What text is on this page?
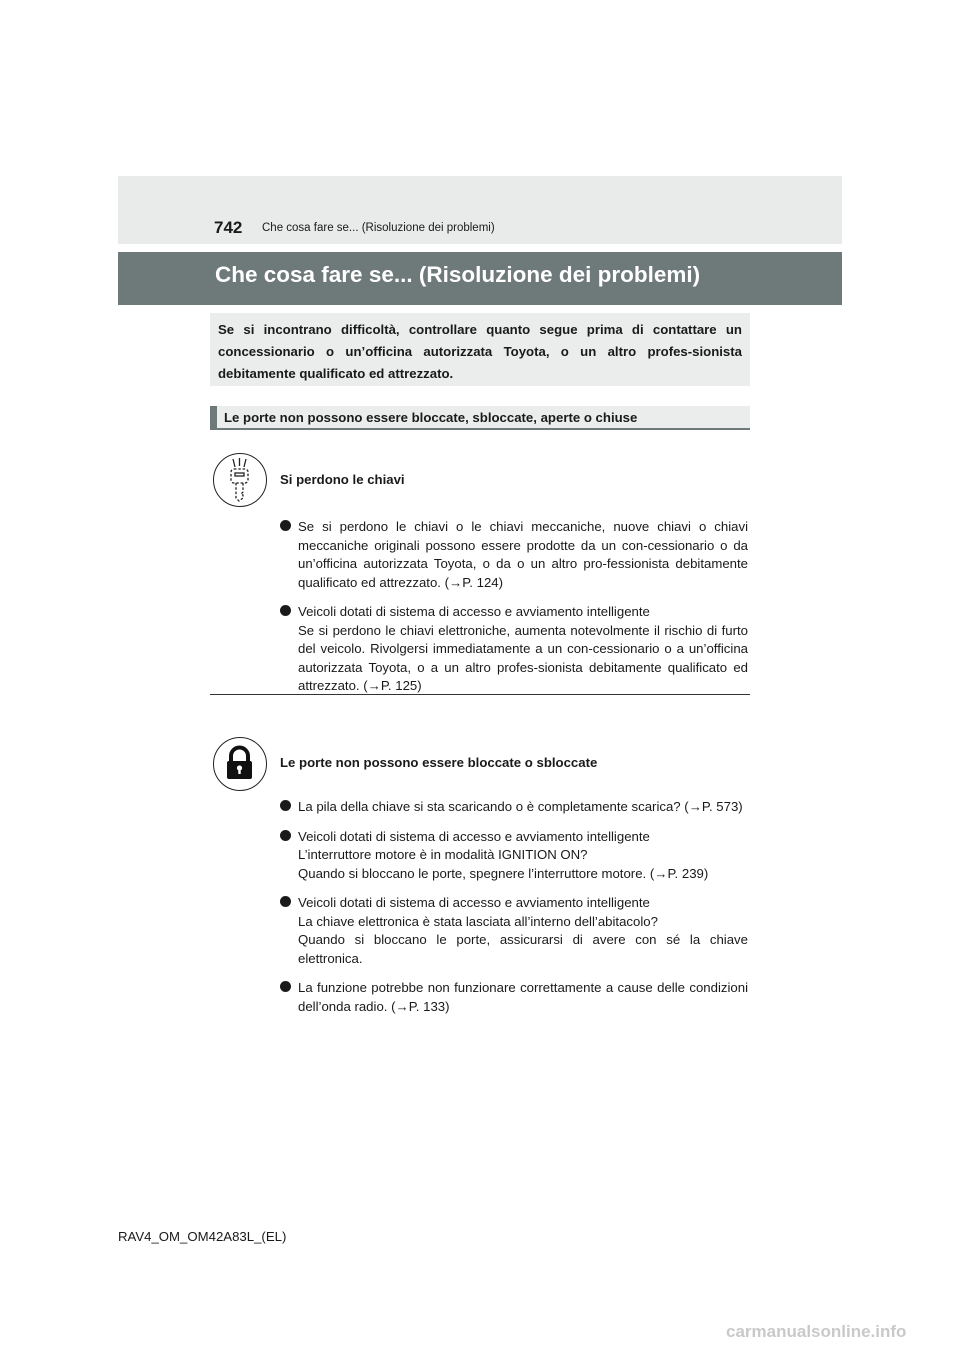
742 Che cosa fare se... (Risoluzione dei problemi)
Che cosa fare se... (Risoluzione dei problemi)
Se si incontrano difficoltà, controllare quanto segue prima di contattare un concessionario o un’officina autorizzata Toyota, o un altro profes-sionista debitamente qualificato ed attrezzato.
Le porte non possono essere bloccate, sbloccate, aperte o chiuse
Si perdono le chiavi
Se si perdono le chiavi o le chiavi meccaniche, nuove chiavi o chiavi meccaniche originali possono essere prodotte da un con-cessionario o da un’officina autorizzata Toyota, o da o un altro pro-fessionista debitamente qualificato ed attrezzato. (→P. 124)
Veicoli dotati di sistema di accesso e avviamento intelligente
Se si perdono le chiavi elettroniche, aumenta notevolmente il rischio di furto del veicolo. Rivolgersi immediatamente a un con-cessionario o a un’officina autorizzata Toyota, o a un altro profes-sionista debitamente qualificato ed attrezzato. (→P. 125)
Le porte non possono essere bloccate o sbloccate
La pila della chiave si sta scaricando o è completamente scarica? (→P. 573)
Veicoli dotati di sistema di accesso e avviamento intelligente
L’interruttore motore è in modalità IGNITION ON?
Quando si bloccano le porte, spegnere l’interruttore motore. (→P. 239)
Veicoli dotati di sistema di accesso e avviamento intelligente
La chiave elettronica è stata lasciata all’interno dell’abitacolo?
Quando si bloccano le porte, assicurarsi di avere con sé la chiave elettronica.
La funzione potrebbe non funzionare correttamente a cause delle condizioni dell’onda radio. (→P. 133)
RAV4_OM_OM42A83L_(EL)
carmanualsonline.info
